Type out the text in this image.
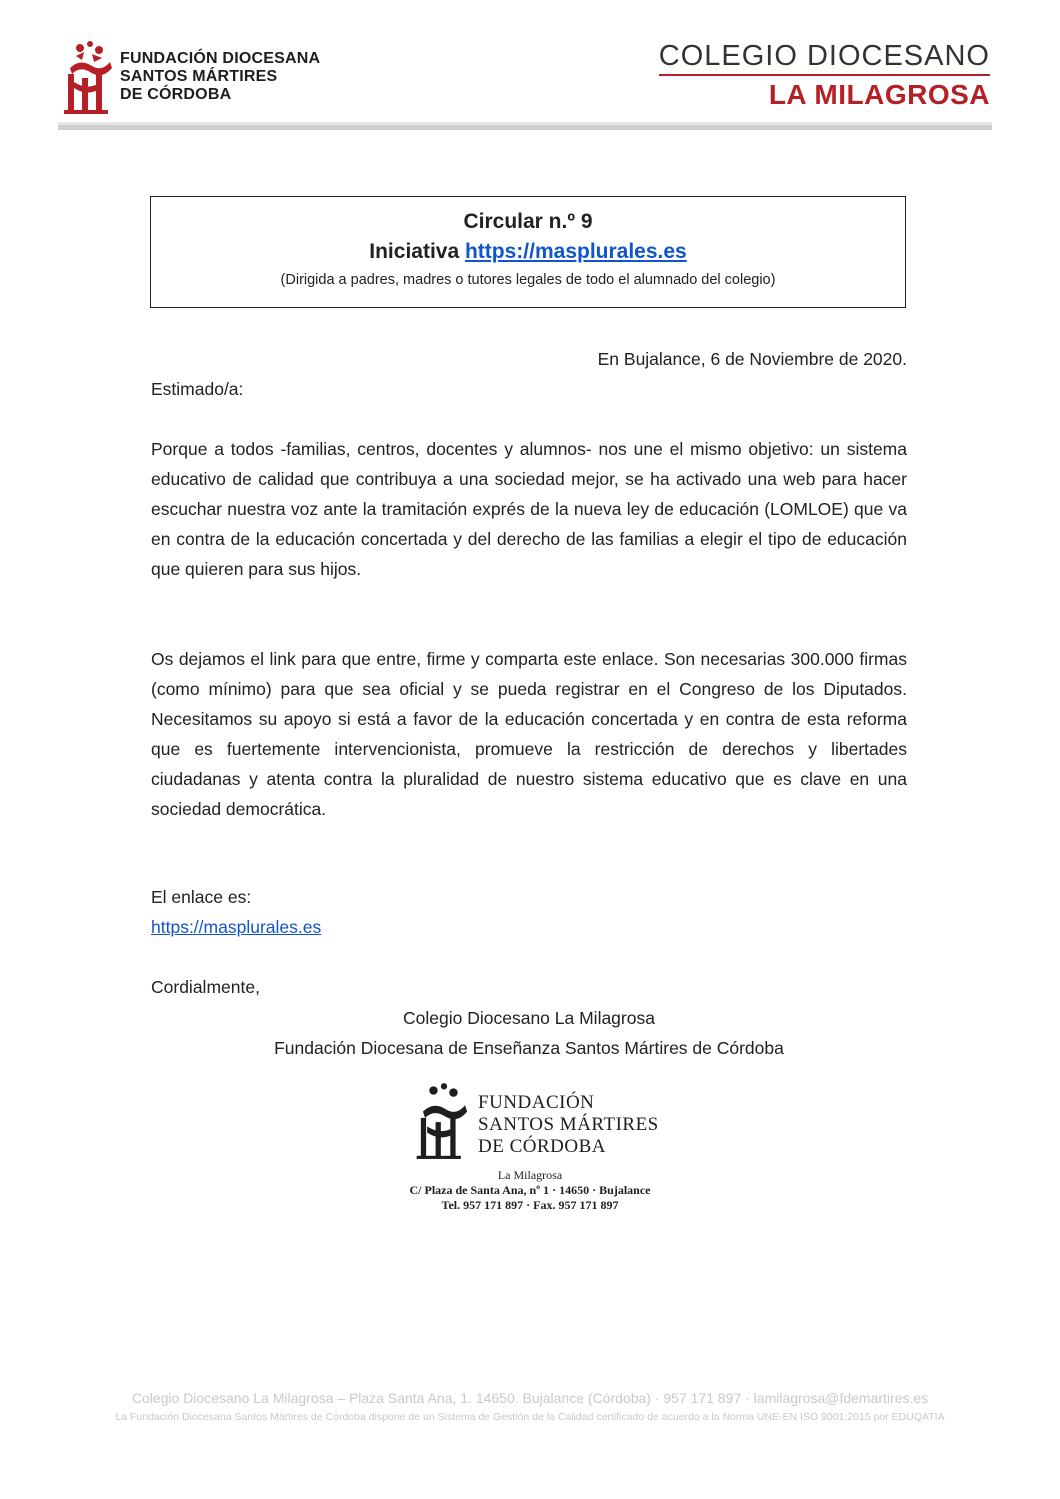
FUNDACIÓN DIOCESANA
SANTOS MÁRTIRES
DE CÓRDOBA
COLEGIO DIOCESANO
LA MILAGROSA
Circular n.º 9
Iniciativa https://masplurales.es
(Dirigida a padres, madres o tutores legales de todo el alumnado del colegio)
En Bujalance, 6 de Noviembre de 2020.
Estimado/a:
Porque a todos -familias, centros, docentes y alumnos- nos une el mismo objetivo: un sistema educativo de calidad que contribuya a una sociedad mejor, se ha activado una web para hacer escuchar nuestra voz ante la tramitación exprés de la nueva ley de educación (LOMLOE) que va en contra de la educación concertada y del derecho de las familias a elegir el tipo de educación que quieren para sus hijos.
Os dejamos el link para que entre, firme y comparta este enlace. Son necesarias 300.000 firmas (como mínimo) para que sea oficial y se pueda registrar en el Congreso de los Diputados. Necesitamos su apoyo si está a favor de la educación concertada y en contra de esta reforma que es fuertemente intervencionista, promueve la restricción de derechos y libertades ciudadanas y atenta contra la pluralidad de nuestro sistema educativo que es clave en una sociedad democrática.
El enlace es:
https://masplurales.es
Cordialmente,
Colegio Diocesano La Milagrosa
Fundación Diocesana de Enseñanza Santos Mártires de Córdoba
FUNDACIÓN
SANTOS MÁRTIRES
DE CÓRDOBA
La Milagrosa
C/ Plaza de Santa Ana, nº 1 · 14650 · Bujalance
Tel. 957 171 897 · Fax. 957 171 897
Colegio Diocesano La Milagrosa – Plaza Santa Ana, 1. 14650. Bujalance (Córdoba) · 957 171 897 · lamilagrosa@fdemartires.es
La Fundación Diocesana Santos Mártires de Córdoba dispone de un Sistema de Gestión de la Calidad certificado de acuerdo a la Norma UNE-EN ISO 9001:2015 por EDUQATIA
